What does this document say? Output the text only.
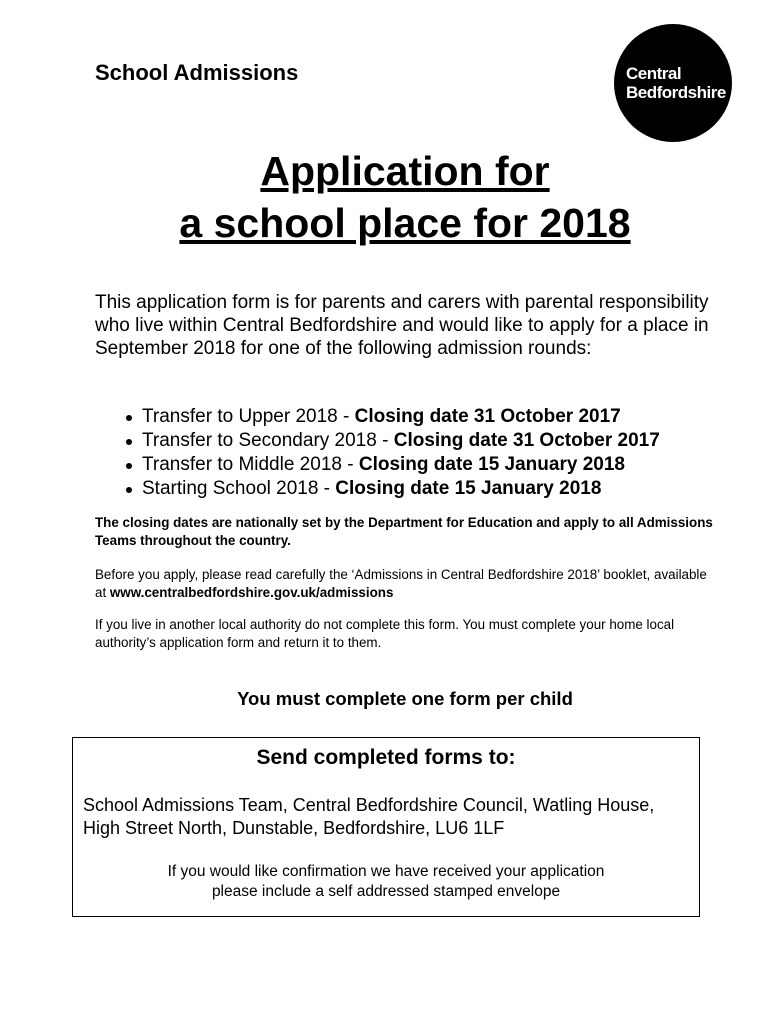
School Admissions	Central
Bedfordshire
Application for
a school place for 2018

This application form is for parents and carers with parental responsibility who live within Central Bedfordshire and would like to apply for a place in September 2018 for one of the following admission rounds:

Transfer to Upper 2018 - Closing date 31 October 2017
Transfer to Secondary 2018 - Closing date 31 October 2017
Transfer to Middle 2018 - Closing date 15 January 2018
Starting School 2018 - Closing date 15 January 2018

The closing dates are nationally set by the Department for Education and apply to all Admissions Teams throughout the country.

Before you apply, please read carefully the ‘Admissions in Central Bedfordshire 2018’ booklet, available at www.centralbedfordshire.gov.uk/admissions

If you live in another local authority do not complete this form. You must complete your home local authority’s application form and return it to them.

You must complete one form per child

Send completed forms to:

School Admissions Team, Central Bedfordshire Council, Watling House, High Street North, Dunstable, Bedfordshire, LU6 1LF

If you would like confirmation we have received your application
please include a self addressed stamped envelope
